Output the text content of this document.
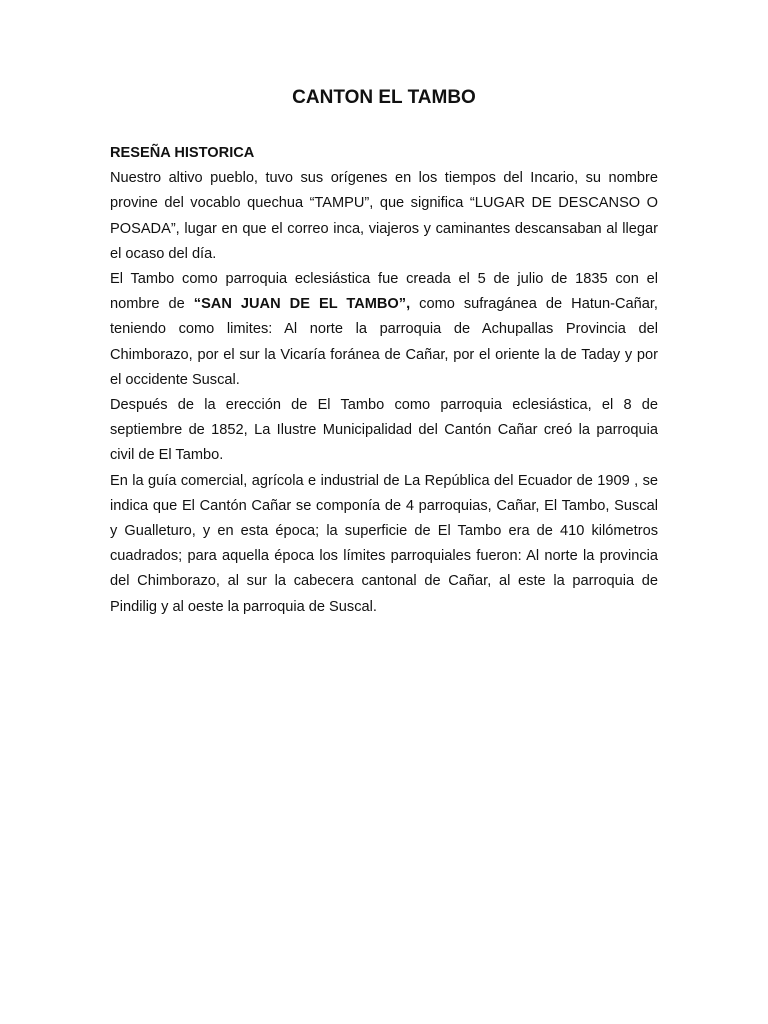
CANTON EL TAMBO

RESEÑA HISTORICA

Nuestro altivo pueblo, tuvo sus orígenes en los tiempos del Incario, su nombre provine del vocablo quechua “TAMPU”, que significa “LUGAR DE DESCANSO O POSADA”, lugar en que el correo inca, viajeros y caminantes descansaban al llegar el ocaso del día.

El Tambo como parroquia eclesiástica fue creada el 5 de julio de 1835 con el nombre de “SAN JUAN DE EL TAMBO”, como sufragánea de Hatun-Cañar, teniendo como limites: Al norte la parroquia de Achupallas Provincia del Chimborazo, por el sur la Vicaría foránea de Cañar, por el oriente la de Taday y por el occidente Suscal.

Después de la erección de El Tambo como parroquia eclesiástica, el 8 de septiembre de 1852, La Ilustre Municipalidad del Cantón Cañar creó la parroquia civil de El Tambo.

En la guía comercial, agrícola e industrial de La República del Ecuador de 1909 , se indica que El Cantón Cañar se componía de 4 parroquias, Cañar, El Tambo, Suscal y Gualleturo, y en esta época; la superficie de El Tambo era de 410 kilómetros cuadrados; para aquella época los límites parroquiales fueron: Al norte la provincia del Chimborazo, al sur la cabecera cantonal de Cañar, al este la parroquia de Pindilig y al oeste la parroquia de Suscal.
